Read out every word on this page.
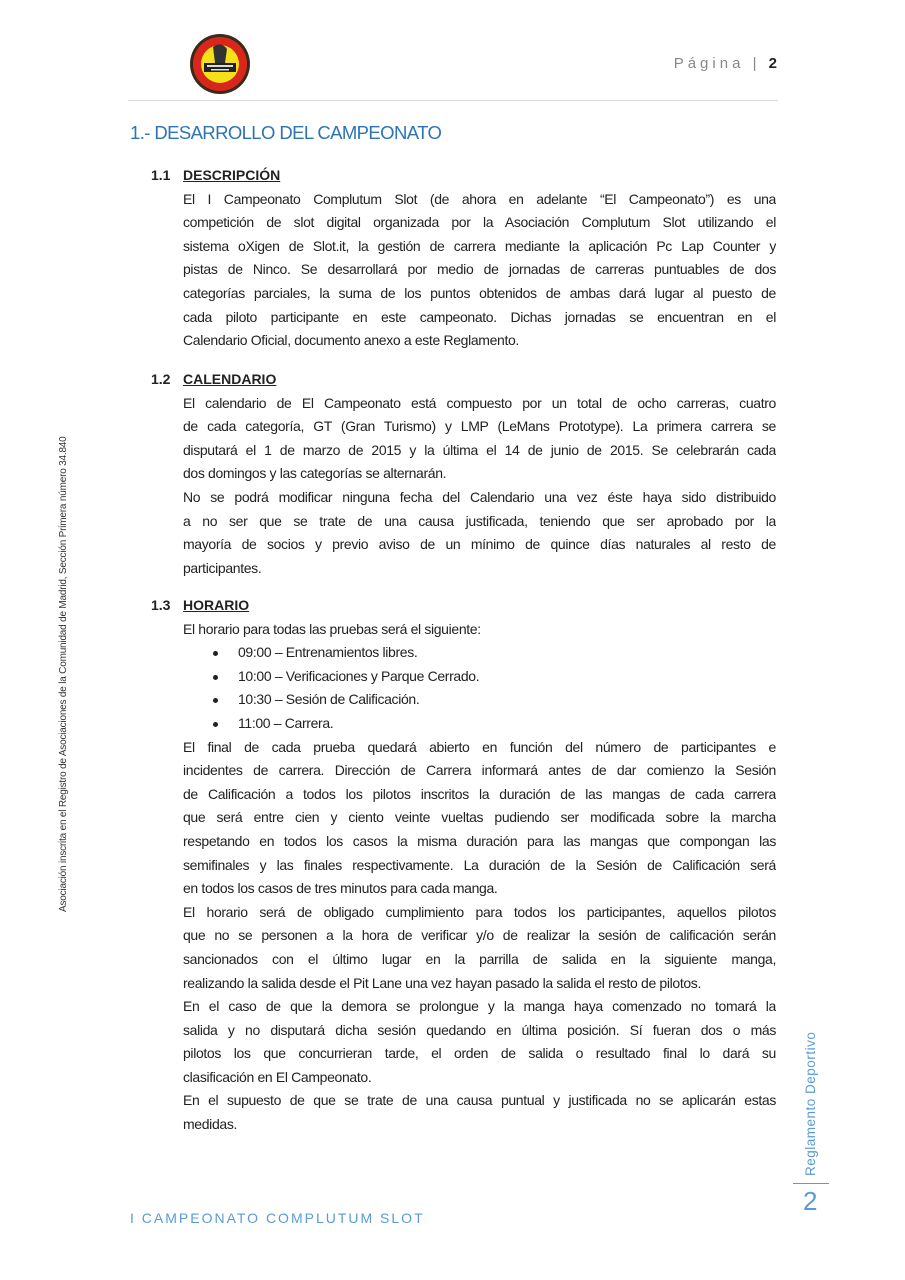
Página | 2
1.- DESARROLLO DEL CAMPEONATO
1.1 DESCRIPCIÓN
El I Campeonato Complutum Slot (de ahora en adelante “El Campeonato”) es una
competición de slot digital organizada por la Asociación Complutum Slot utilizando el
sistema oXigen de Slot.it, la gestión de carrera mediante la aplicación Pc Lap Counter y
pistas de Ninco. Se desarrollará por medio de jornadas de carreras puntuables de dos
categorías parciales, la suma de los puntos obtenidos de ambas dará lugar al puesto de
cada piloto participante en este campeonato. Dichas jornadas se encuentran en el
Calendario Oficial, documento anexo a este Reglamento.
1.2 CALENDARIO
El calendario de El Campeonato está compuesto por un total de ocho carreras, cuatro
de cada categoría, GT (Gran Turismo) y LMP (LeMans Prototype). La primera carrera se
disputará el 1 de marzo de 2015 y la última el 14 de junio de 2015. Se celebrarán cada
dos domingos y las categorías se alternarán.
No se podrá modificar ninguna fecha del Calendario una vez éste haya sido distribuido
a no ser que se trate de una causa justificada, teniendo que ser aprobado por la
mayoría de socios y previo aviso de un mínimo de quince días naturales al resto de
participantes.
1.3 HORARIO
El horario para todas las pruebas será el siguiente:
09:00 – Entrenamientos libres.
10:00 – Verificaciones y Parque Cerrado.
10:30 – Sesión de Calificación.
11:00 – Carrera.
El final de cada prueba quedará abierto en función del número de participantes e
incidentes de carrera. Dirección de Carrera informará antes de dar comienzo la Sesión
de Calificación a todos los pilotos inscritos la duración de las mangas de cada carrera
que será entre cien y ciento veinte vueltas pudiendo ser modificada sobre la marcha
respetando en todos los casos la misma duración para las mangas que compongan las
semifinales y las finales respectivamente. La duración de la Sesión de Calificación será
en todos los casos de tres minutos para cada manga.
El horario será de obligado cumplimiento para todos los participantes, aquellos pilotos
que no se personen a la hora de verificar y/o de realizar la sesión de calificación serán
sancionados con el último lugar en la parrilla de salida en la siguiente manga,
realizando la salida desde el Pit Lane una vez hayan pasado la salida el resto de pilotos.
En el caso de que la demora se prolongue y la manga haya comenzado no tomará la
salida y no disputará dicha sesión quedando en última posición. Sí fueran dos o más
pilotos los que concurrieran tarde, el orden de salida o resultado final lo dará su
clasificación en El Campeonato.
En el supuesto de que se trate de una causa puntual y justificada no se aplicarán estas
medidas.
Asociación inscrita en el Registro de Asociaciones de la Comunidad de Madrid, Sección Primera número 34.840
Reglamento Deportivo
2
I CAMPEONATO COMPLUTUM SLOT
